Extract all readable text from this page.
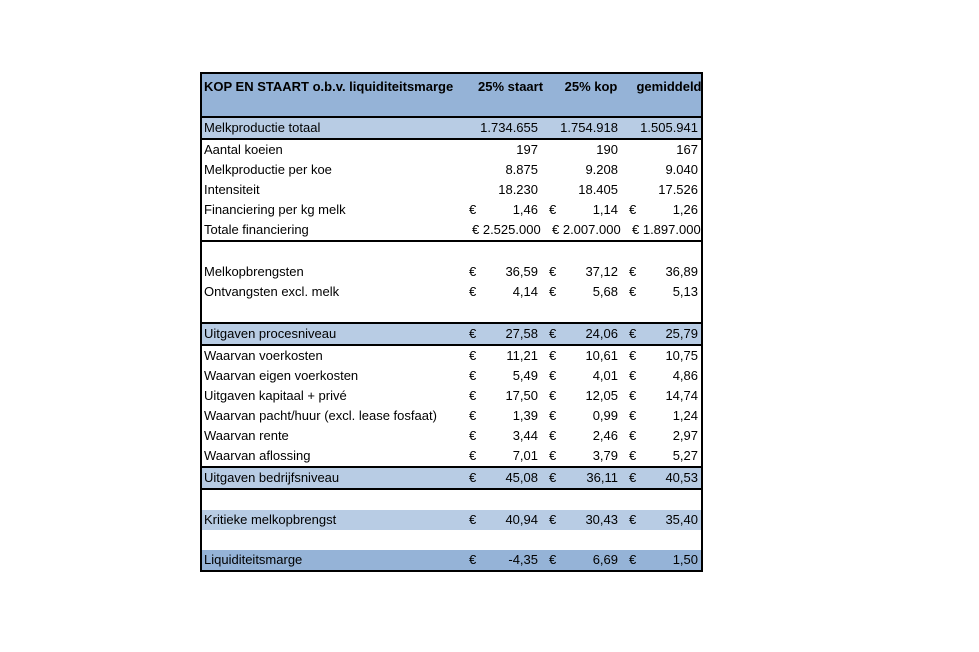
KOP EN STAART o.b.v. liquiditeitsmarge 25% staart	25% kop	gemiddeld
Melkproductie totaal	1.734.655	1.754.918	1.505.941
Aantal koeien	197	190	167
Melkproductie per koe	8.875	9.208	9.040
Intensiteit	18.230	18.405	17.526
Financiering per kg melk	€	1,46 €	1,14 €	1,26
Totale financiering	€ 2.525.000 € 2.007.000 € 1.897.000
Melkopbrengsten	€	36,59 €	37,12 €	36,89
Ontvangsten excl. melk	€	4,14 €	5,68 €	5,13
Uitgaven procesniveau	€	27,58 €	24,06 €	25,79
Waarvan voerkosten	€	11,21 €	10,61 €	10,75
Waarvan eigen voerkosten	€	5,49 €	4,01 €	4,86
Uitgaven kapitaal + privé	€	17,50 €	12,05 €	14,74
Waarvan pacht/huur (excl. lease fosfaat) €	1,39 €	0,99 €	1,24
Waarvan rente	€	3,44 €	2,46 €	2,97
Waarvan aflossing	€	7,01 €	3,79 €	5,27
Uitgaven bedrijfsniveau	€	45,08 €	36,11 €	40,53
Kritieke melkopbrengst	€	40,94 €	30,43 €	35,40
Liquiditeitsmarge	€	-4,35 €	6,69 €	1,50
